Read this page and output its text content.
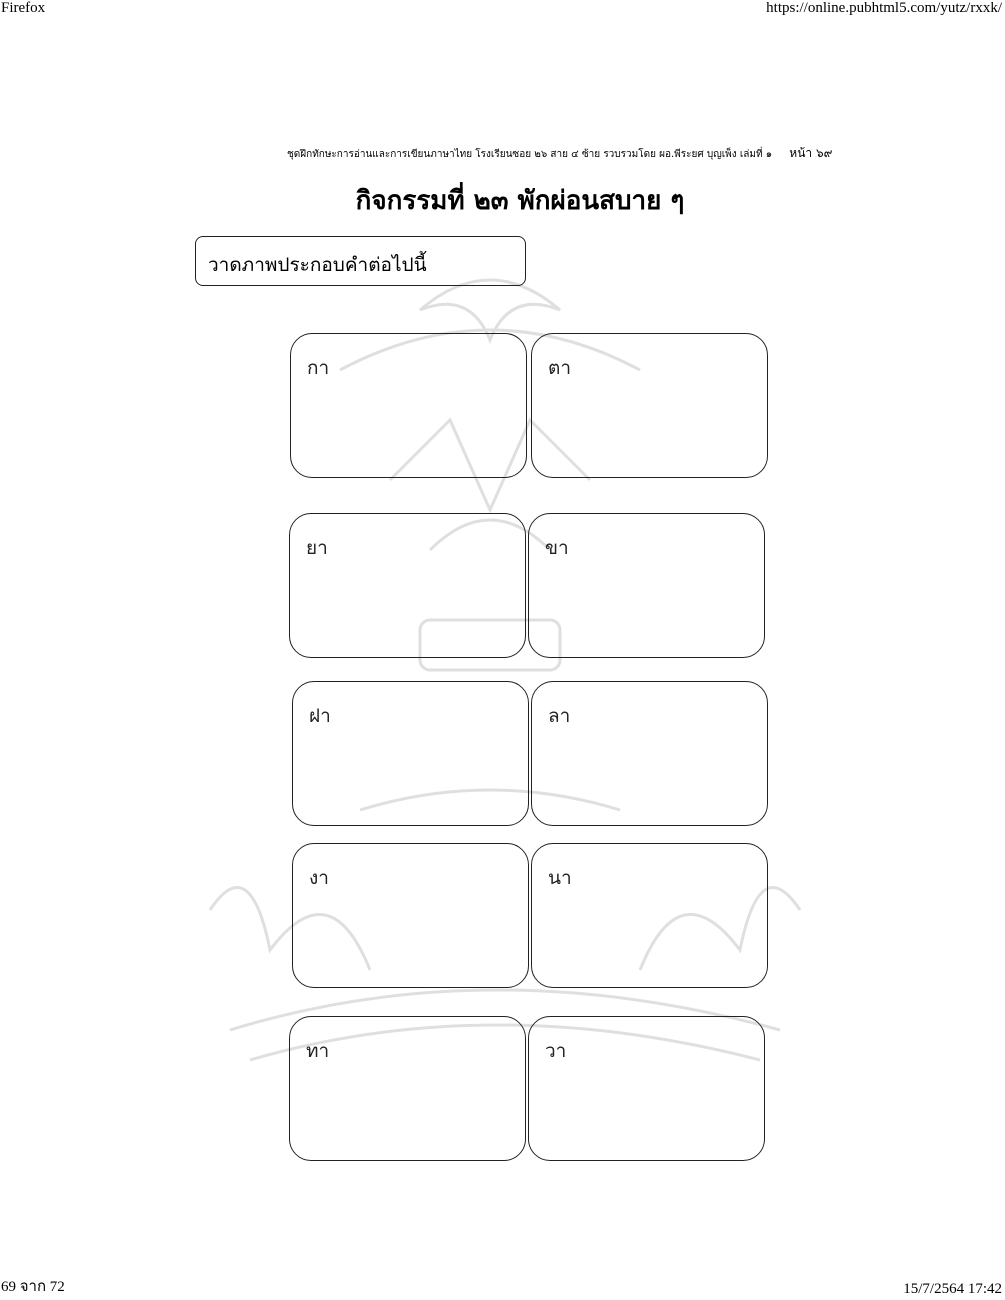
Firefox	https://online.pubhtml5.com/yutz/rxxk/
ชุดฝึกทักษะการอ่านและการเขียนภาษาไทย โรงเรียนซอย ๒๖ สาย ๔ ซ้าย รวบรวมโดย ผอ.พีระยศ บุญเพ็ง เล่มที่ ๑ หน้า ๖๙
กิจกรรมที่ ๒๓ พักผ่อนสบาย ๆ
วาดภาพประกอบคำต่อไปนี้
กา	ตา
ยา	ขา
ฝา	ลา
งา	นา
ทา	วา
69 จาก 72	15/7/2564 17:42
